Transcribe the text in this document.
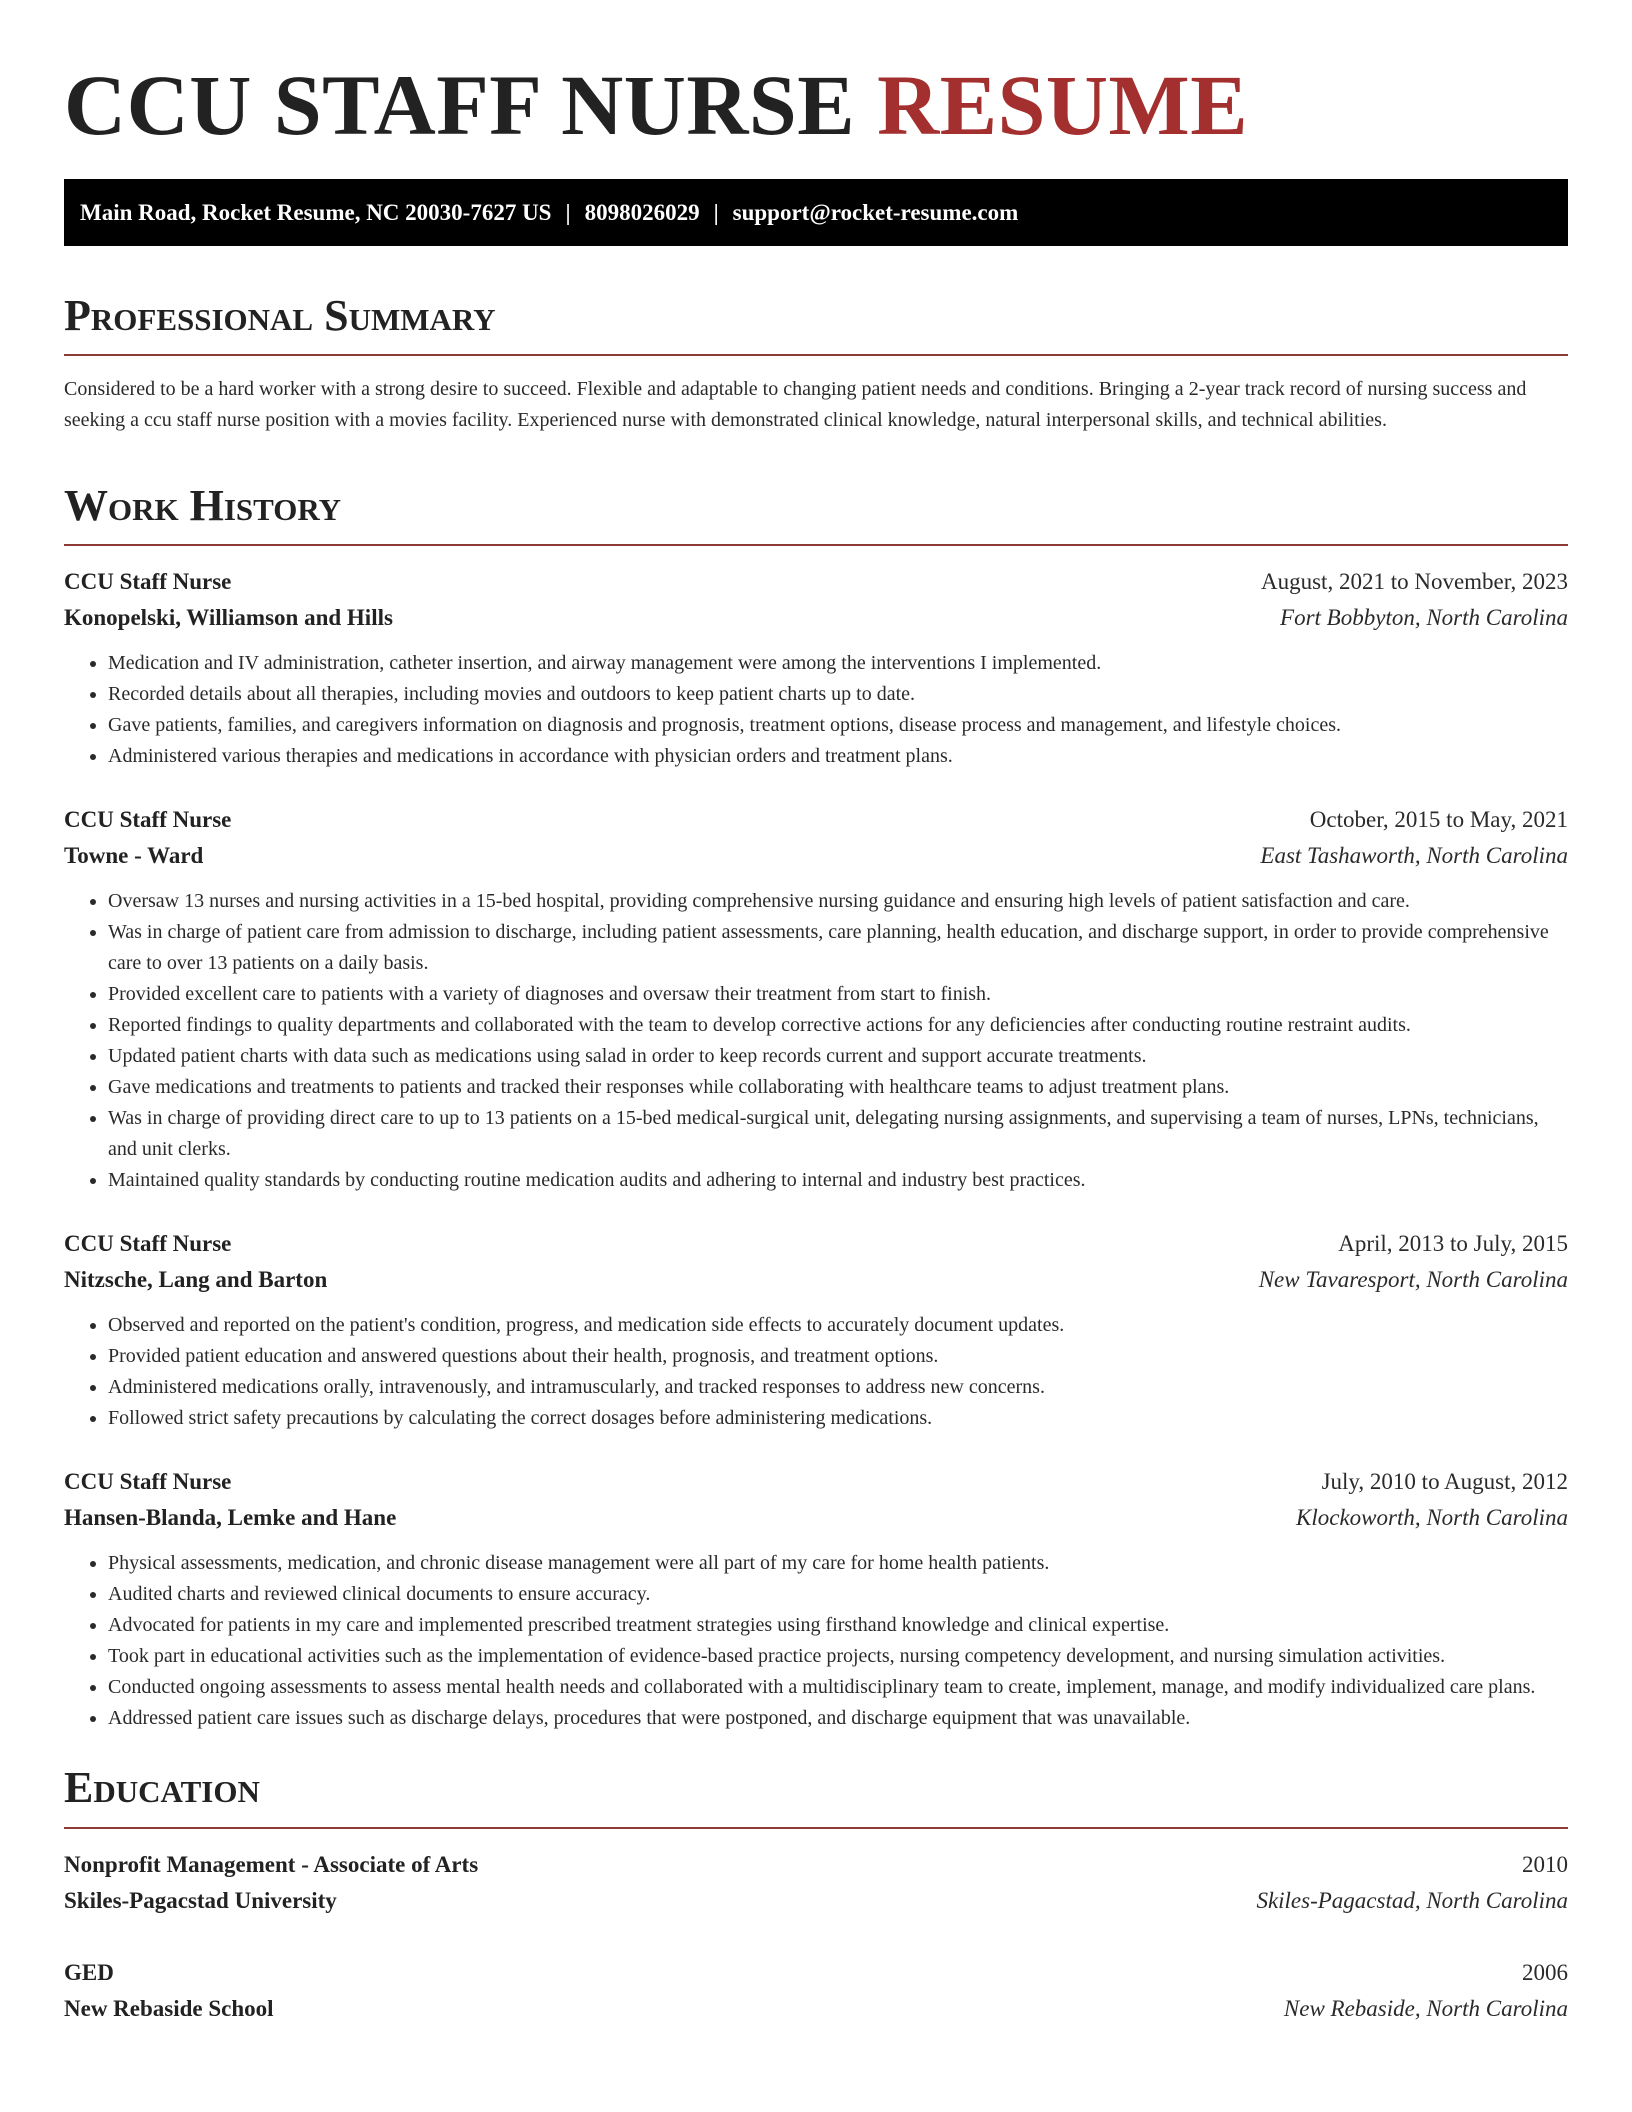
CCU STAFF NURSE RESUME
Main Road, Rocket Resume, NC 20030-7627 US | 8098026029 | support@rocket-resume.com
Professional Summary

Considered to be a hard worker with a strong desire to succeed. Flexible and adaptable to changing patient needs and conditions. Bringing a 2-year track record of nursing success and seeking a ccu staff nurse position with a movies facility. Experienced nurse with demonstrated clinical knowledge, natural interpersonal skills, and technical abilities.

Work History
CCU Staff Nurse	August, 2021 to November, 2023
Konopelski, Williamson and Hills	Fort Bobbyton, North Carolina
• Medication and IV administration, catheter insertion, and airway management were among the interventions I implemented.
• Recorded details about all therapies, including movies and outdoors to keep patient charts up to date.
• Gave patients, families, and caregivers information on diagnosis and prognosis, treatment options, disease process and management, and lifestyle choices.
• Administered various therapies and medications in accordance with physician orders and treatment plans.
CCU Staff Nurse	October, 2015 to May, 2021
Towne - Ward	East Tashaworth, North Carolina
• Oversaw 13 nurses and nursing activities in a 15-bed hospital, providing comprehensive nursing guidance and ensuring high levels of patient satisfaction and care.
• Was in charge of patient care from admission to discharge, including patient assessments, care planning, health education, and discharge support, in order to provide comprehensive care to over 13 patients on a daily basis.
• Provided excellent care to patients with a variety of diagnoses and oversaw their treatment from start to finish.
• Reported findings to quality departments and collaborated with the team to develop corrective actions for any deficiencies after conducting routine restraint audits.
• Updated patient charts with data such as medications using salad in order to keep records current and support accurate treatments.
• Gave medications and treatments to patients and tracked their responses while collaborating with healthcare teams to adjust treatment plans.
• Was in charge of providing direct care to up to 13 patients on a 15-bed medical-surgical unit, delegating nursing assignments, and supervising a team of nurses, LPNs, technicians, and unit clerks.
• Maintained quality standards by conducting routine medication audits and adhering to internal and industry best practices.
CCU Staff Nurse	April, 2013 to July, 2015
Nitzsche, Lang and Barton	New Tavaresport, North Carolina
• Observed and reported on the patient's condition, progress, and medication side effects to accurately document updates.
• Provided patient education and answered questions about their health, prognosis, and treatment options.
• Administered medications orally, intravenously, and intramuscularly, and tracked responses to address new concerns.
• Followed strict safety precautions by calculating the correct dosages before administering medications.
CCU Staff Nurse	July, 2010 to August, 2012
Hansen-Blanda, Lemke and Hane	Klockoworth, North Carolina
• Physical assessments, medication, and chronic disease management were all part of my care for home health patients.
• Audited charts and reviewed clinical documents to ensure accuracy.
• Advocated for patients in my care and implemented prescribed treatment strategies using firsthand knowledge and clinical expertise.
• Took part in educational activities such as the implementation of evidence-based practice projects, nursing competency development, and nursing simulation activities.
• Conducted ongoing assessments to assess mental health needs and collaborated with a multidisciplinary team to create, implement, manage, and modify individualized care plans.
• Addressed patient care issues such as discharge delays, procedures that were postponed, and discharge equipment that was unavailable.
Education
Nonprofit Management - Associate of Arts	2010
Skiles-Pagacstad University	Skiles-Pagacstad, North Carolina
GED	2006
New Rebaside School	New Rebaside, North Carolina
